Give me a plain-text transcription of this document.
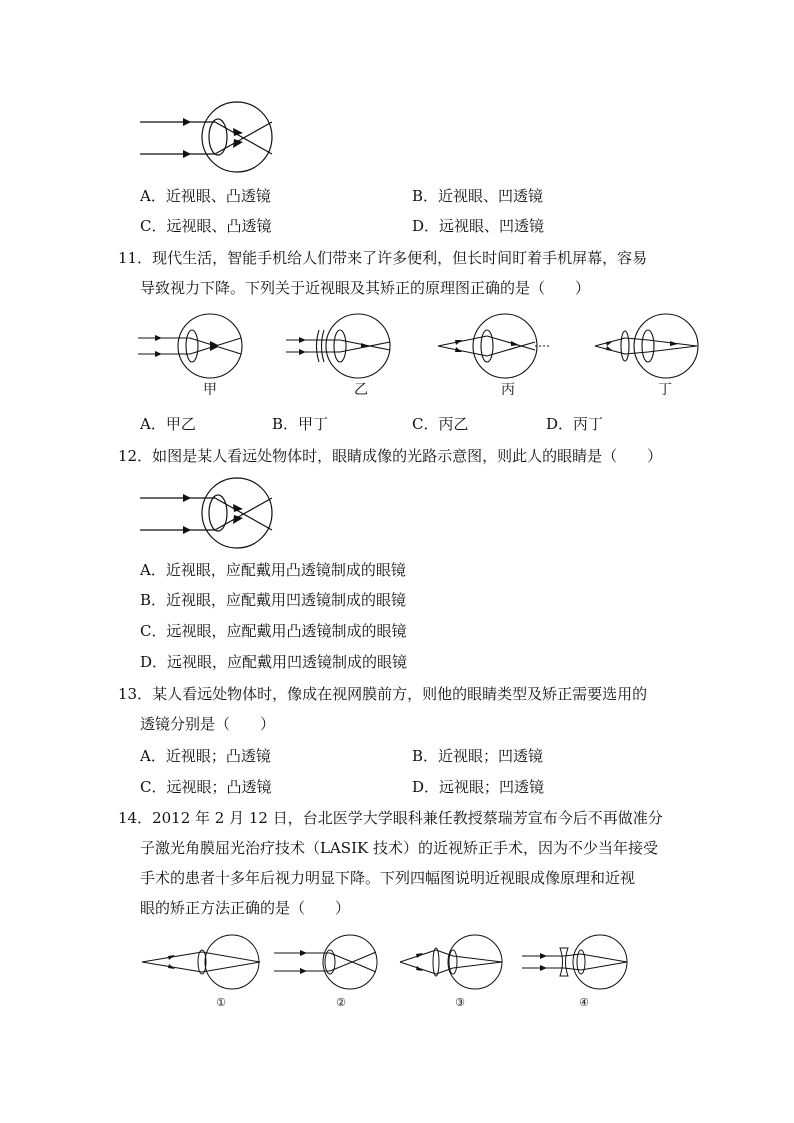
A．近视眼、凸透镜	B．近视眼、凹透镜
C．远视眼、凸透镜	D．远视眼、凹透镜
11．现代生活，智能手机给人们带来了许多便利，但长时间盯着手机屏幕，容易
导致视力下降。下列关于近视眼及其矫正的原理图正确的是（　　）
甲	乙	丙	丁
A．甲乙	B．甲丁	C．丙乙	D．丙丁
12．如图是某人看远处物体时，眼睛成像的光路示意图，则此人的眼睛是（　　）
A．近视眼，应配戴用凸透镜制成的眼镜
B．近视眼，应配戴用凹透镜制成的眼镜
C．远视眼，应配戴用凸透镜制成的眼镜
D．远视眼，应配戴用凹透镜制成的眼镜
13．某人看远处物体时，像成在视网膜前方，则他的眼睛类型及矫正需要选用的
透镜分别是（　　）
A．近视眼；凸透镜	B．近视眼；凹透镜
C．远视眼；凸透镜	D．远视眼；凹透镜
14．2012 年 2 月 12 日，台北医学大学眼科兼任教授蔡瑞芳宣布今后不再做准分
子激光角膜屈光治疗技术（LASIK 技术）的近视矫正手术，因为不少当年接受
手术的患者十多年后视力明显下降。下列四幅图说明近视眼成像原理和近视
眼的矫正方法正确的是（　　）
①	②	③	④
